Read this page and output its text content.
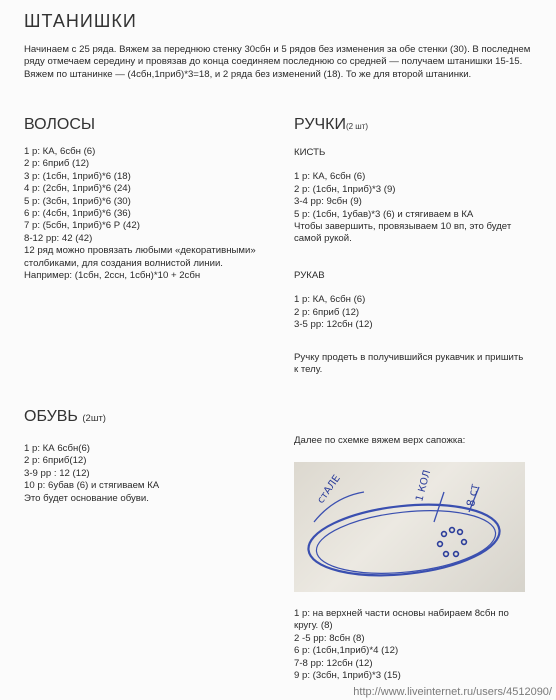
ШТАНИШКИ

Начинаем с 25 ряда. Вяжем за переднюю стенку 30сбн и 5 рядов без изменения за обе стенки (30). В последнем ряду отмечаем середину и провязав до конца соединяем последнюю со средней — получаем штанишки 15-15. Вяжем по штанинке — (4сбн,1приб)*3=18, и 2 ряда без изменений (18). То же для второй штанинки.

ВОЛОСЫ
1 р: КА, 6сбн (6)
2 р: 6приб (12)
3 р: (1сбн, 1приб)*6 (18)
4 р: (2сбн, 1приб)*6 (24)
5 р: (3сбн, 1приб)*6 (30)
6 р: (4сбн, 1приб)*6 (36)
7 р: (5сбн, 1приб)*6 Р (42)
8-12 рр: 42 (42)
12 ряд можно провязать любыми «декоративными» столбиками, для создания волнистой линии. Например: (1сбн, 2ссн, 1сбн)*10 + 2сбн
ОБУВЬ (2шт)
1 р: КА 6сбн(6)
2 р: 6приб(12)
3-9 рр : 12 (12)
10 р: 6убав (6) и стягиваем КА
Это будет основание обуви.
РУЧКИ(2 шт)
КИСТЬ
1 р: КА, 6сбн (6)
2 р: (1сбн, 1приб)*3 (9)
3-4 рр: 9сбн (9)
5 р: (1сбн, 1убав)*3 (6) и стягиваем в КА
Чтобы завершить, провязываем 10 вп, это будет самой рукой.
РУКАВ
1 р: КА, 6сбн (6)
2 р: 6приб (12)
3-5 рр: 12сбн (12)
Ручку продеть в получившийся рукавчик и пришить к телу.
Далее по схемке вяжем верх сапожка:
стАЛЕ	1 КОЛ	8 ст
1 р: на верхней части основы набираем 8сбн по кругу. (8)
2 -5 рр: 8сбн (8)
6 р: (1сбн,1приб)*4 (12)
7-8 рр: 12сбн (12)
9 р: (3сбн, 1приб)*3 (15)
http://www.liveinternet.ru/users/4512090/
